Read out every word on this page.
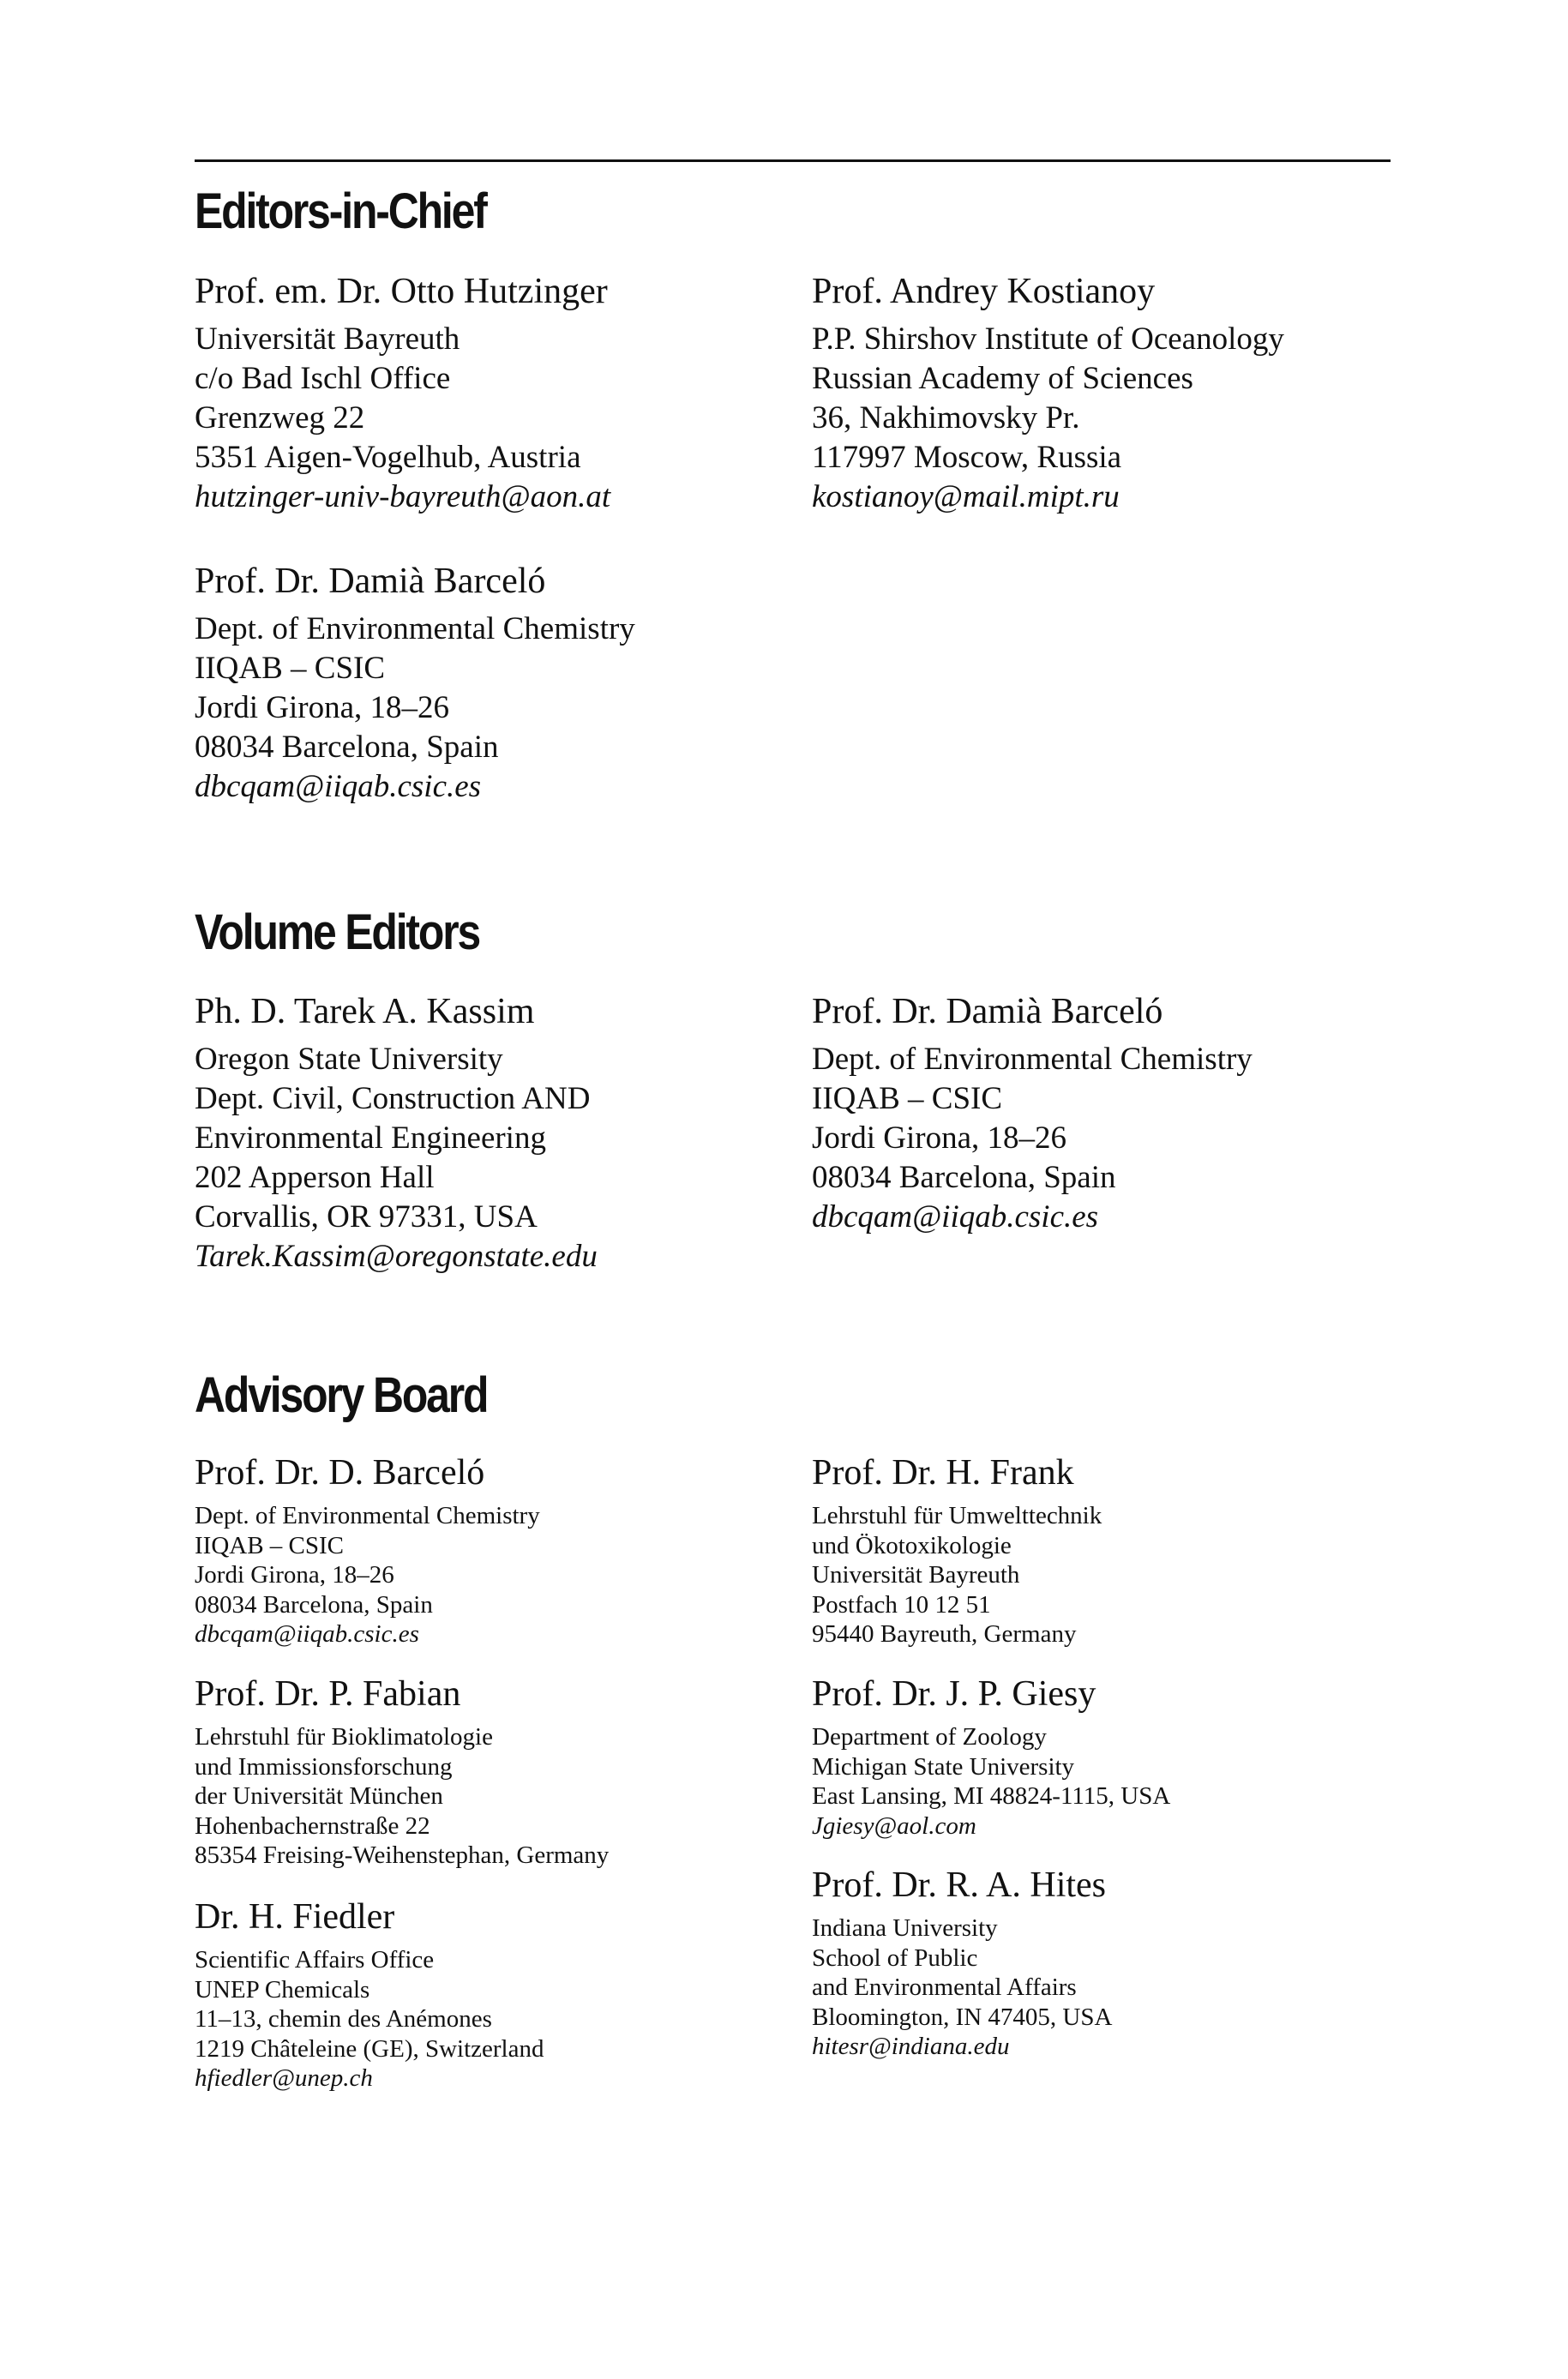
Editors-in-Chief
Prof. em. Dr. Otto Hutzinger
Universität Bayreuth
c/o Bad Ischl Office
Grenzweg 22
5351 Aigen-Vogelhub, Austria
hutzinger-univ-bayreuth@aon.at
Prof. Andrey Kostianoy
P.P. Shirshov Institute of Oceanology
Russian Academy of Sciences
36, Nakhimovsky Pr.
117997 Moscow, Russia
kostianoy@mail.mipt.ru
Prof. Dr. Damià Barceló
Dept. of Environmental Chemistry
IIQAB – CSIC
Jordi Girona, 18–26
08034 Barcelona, Spain
dbcqam@iiqab.csic.es
Volume Editors
Ph. D. Tarek A. Kassim
Oregon State University
Dept. Civil, Construction AND
Environmental Engineering
202 Apperson Hall
Corvallis, OR 97331, USA
Tarek.Kassim@oregonstate.edu
Prof. Dr. Damià Barceló
Dept. of Environmental Chemistry
IIQAB – CSIC
Jordi Girona, 18–26
08034 Barcelona, Spain
dbcqam@iiqab.csic.es
Advisory Board
Prof. Dr. D. Barceló
Dept. of Environmental Chemistry
IIQAB – CSIC
Jordi Girona, 18–26
08034 Barcelona, Spain
dbcqam@iiqab.csic.es
Prof. Dr. H. Frank
Lehrstuhl für Umwelttechnik
und Ökotoxikologie
Universität Bayreuth
Postfach 10 12 51
95440 Bayreuth, Germany
Prof. Dr. P. Fabian
Lehrstuhl für Bioklimatologie
und Immissionsforschung
der Universität München
Hohenbachernstraße 22
85354 Freising-Weihenstephan, Germany
Prof. Dr. J. P. Giesy
Department of Zoology
Michigan State University
East Lansing, MI 48824-1115, USA
Jgiesy@aol.com
Dr. H. Fiedler
Scientific Affairs Office
UNEP Chemicals
11–13, chemin des Anémones
1219 Châteleine (GE), Switzerland
hfiedler@unep.ch
Prof. Dr. R. A. Hites
Indiana University
School of Public
and Environmental Affairs
Bloomington, IN 47405, USA
hitesr@indiana.edu
